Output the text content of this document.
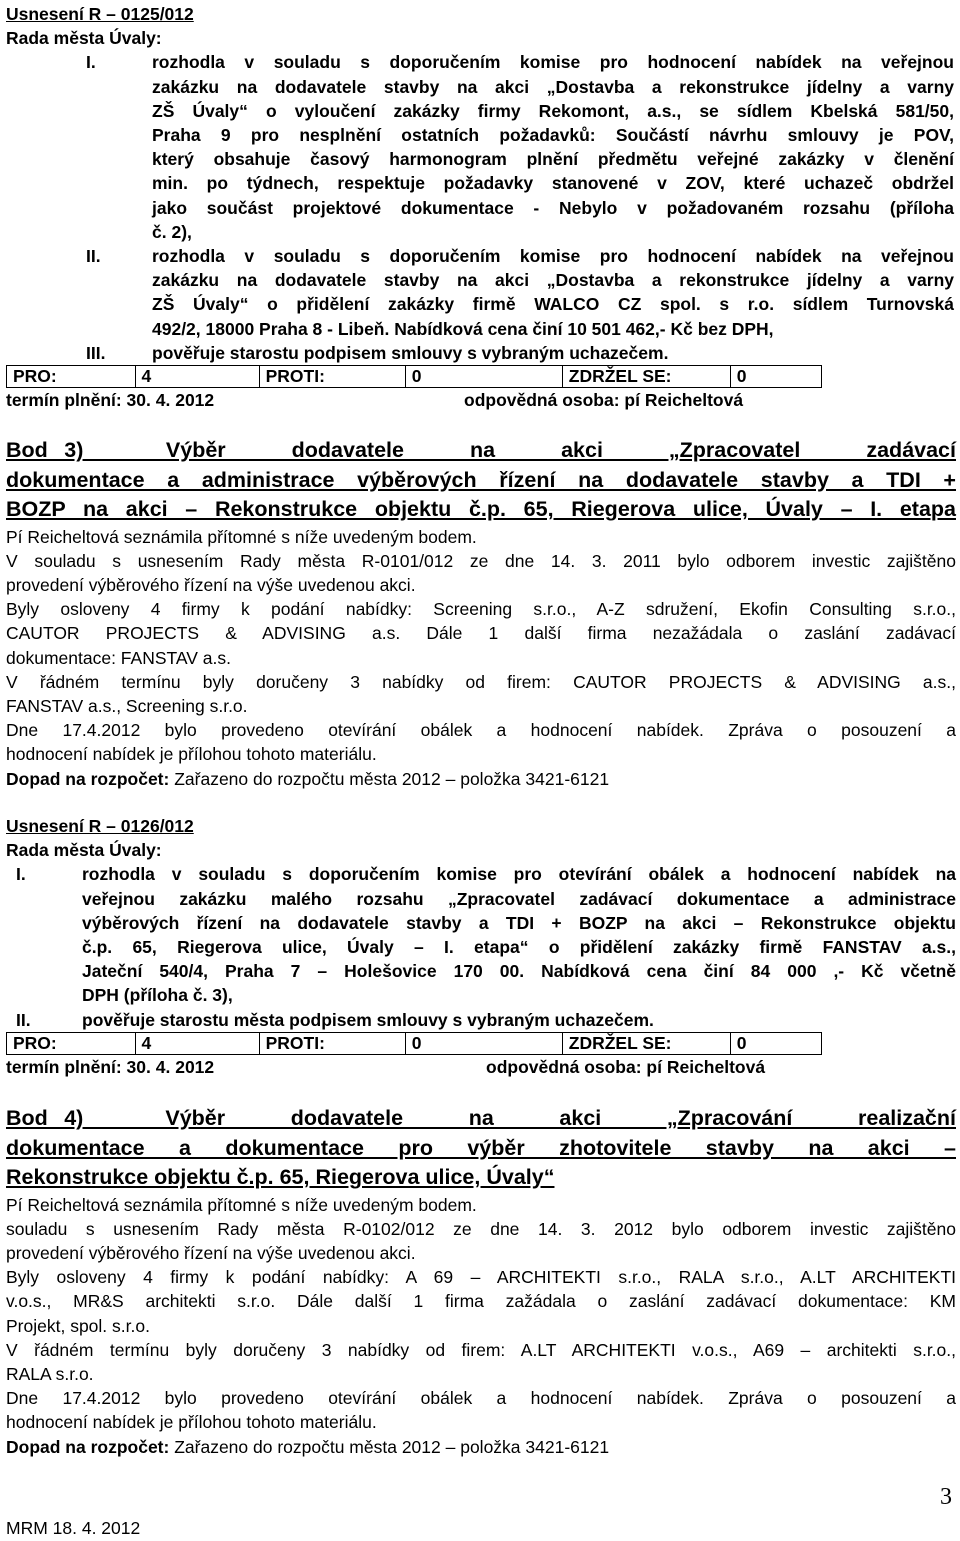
Usnesení R – 0125/012
Rada města Úvaly:
I.	rozhodla v souladu s doporučením komise pro hodnocení nabídek na veřejnou
zakázku na dodavatele stavby na akci „Dostavba a rekonstrukce jídelny a varny
ZŠ Úvaly“ o vyloučení zakázky firmy Rekomont, a.s., se sídlem Kbelská 581/50,
Praha 9 pro nesplnění ostatních požadavků: Součástí návrhu smlouvy je POV,
který obsahuje časový harmonogram plnění předmětu veřejné zakázky v členění
min. po týdnech, respektuje požadavky stanovené v ZOV, které uchazeč obdržel
jako součást projektové dokumentace - Nebylo v požadovaném rozsahu (příloha
č. 2),
II.	rozhodla v souladu s doporučením komise pro hodnocení nabídek na veřejnou
zakázku na dodavatele stavby na akci „Dostavba a rekonstrukce jídelny a varny
ZŠ Úvaly“ o přidělení zakázky firmě WALCO CZ spol. s r.o. sídlem Turnovská
492/2, 18000 Praha 8 - Libeň. Nabídková cena činí 10 501 462,- Kč bez DPH,
III.	pověřuje starostu podpisem smlouvy s vybraným uchazečem.
PRO:	4	PROTI:	0	ZDRŽEL SE:	0
termín plnění: 30. 4. 2012	odpovědná osoba: pí Reicheltová
Bod 3)     Výběr    dodavatele    na    akci    „Zpracovatel    zadávací
dokumentace a administrace výběrových řízení na dodavatele stavby a TDI +
BOZP na akci – Rekonstrukce objektu č.p. 65, Riegerova ulice, Úvaly – I. etapa
Pí Reicheltová seznámila přítomné s níže uvedeným bodem.
V souladu s usnesením Rady města R-0101/012 ze dne 14. 3. 2011 bylo odborem investic zajištěno
provedení výběrového řízení na výše uvedenou akci.
Byly osloveny 4 firmy k podání nabídky: Screening s.r.o., A-Z sdružení, Ekofin Consulting s.r.o.,
CAUTOR PROJECTS & ADVISING a.s. Dále 1 další firma nezažádala o zaslání zadávací
dokumentace: FANSTAV a.s.
V řádném termínu byly doručeny 3 nabídky od firem: CAUTOR PROJECTS & ADVISING a.s.,
FANSTAV a.s., Screening s.r.o.
Dne 17.4.2012 bylo provedeno otevírání obálek a hodnocení nabídek. Zpráva o posouzení a
hodnocení nabídek je přílohou tohoto materiálu.
Dopad na rozpočet: Zařazeno do rozpočtu města 2012 – položka 3421-6121
Usnesení R – 0126/012
Rada města Úvaly:
I.	rozhodla v souladu s doporučením komise pro otevírání obálek a hodnocení nabídek na
veřejnou zakázku malého rozsahu „Zpracovatel zadávací dokumentace a administrace
výběrových řízení na dodavatele stavby a TDI + BOZP na akci – Rekonstrukce objektu
č.p. 65, Riegerova ulice, Úvaly – I. etapa“ o přidělení zakázky firmě FANSTAV a.s.,
Jateční 540/4, Praha 7 – Holešovice 170 00. Nabídková cena činí 84 000 ,- Kč včetně
DPH (příloha č. 3),
II.	pověřuje starostu města podpisem smlouvy s vybraným uchazečem.
PRO:	4	PROTI:	0	ZDRŽEL SE:	0
termín plnění: 30. 4. 2012	odpovědná osoba: pí Reicheltová
Bod 4)     Výběr    dodavatele    na    akci    „Zpracování    realizační
dokumentace a dokumentace pro výběr zhotovitele stavby na akci –
Rekonstrukce objektu č.p. 65, Riegerova ulice, Úvaly“
Pí Reicheltová seznámila přítomné s níže uvedeným bodem.
souladu s usnesením Rady města R-0102/012 ze dne 14. 3. 2012 bylo odborem investic zajištěno
provedení výběrového řízení na výše uvedenou akci.
Byly osloveny 4 firmy k podání nabídky: A 69 – ARCHITEKTI s.r.o., RALA s.r.o., A.LT ARCHITEKTI
v.o.s., MR&S architekti s.r.o. Dále další 1 firma zažádala o zaslání zadávací dokumentace: KM
Projekt, spol. s.r.o.
V řádném termínu byly doručeny 3 nabídky od firem: A.LT ARCHITEKTI v.o.s., A69 – architekti s.r.o.,
RALA s.r.o.
Dne 17.4.2012 bylo provedeno otevírání obálek a hodnocení nabídek. Zpráva o posouzení a
hodnocení nabídek je přílohou tohoto materiálu.
Dopad na rozpočet: Zařazeno do rozpočtu města 2012 – položka 3421-6121
MRM 18. 4. 2012
3
